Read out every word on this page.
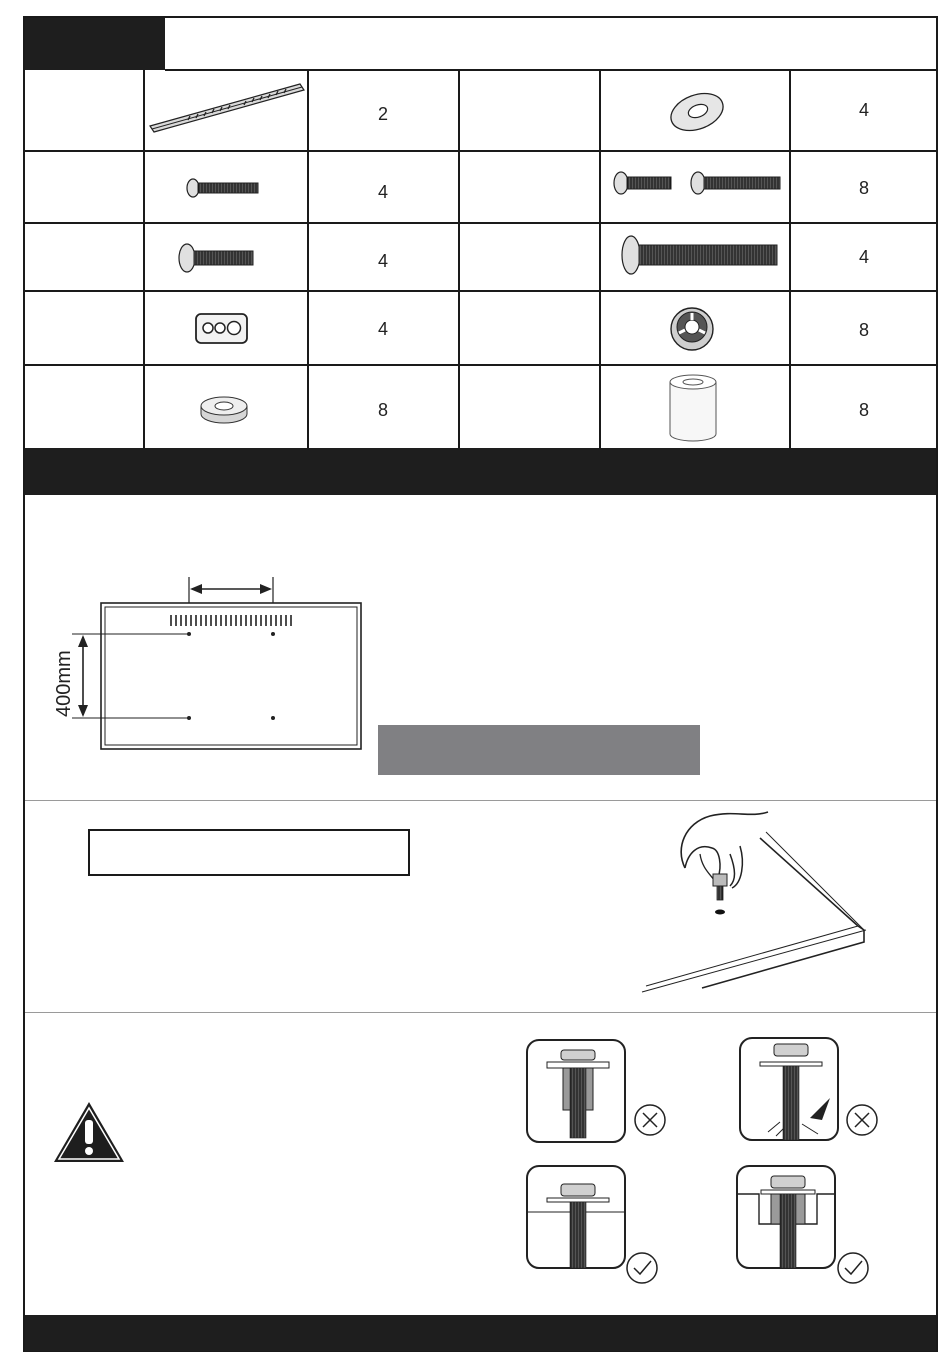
2	4
4	8
4	4
4	8
8	8
400mm
